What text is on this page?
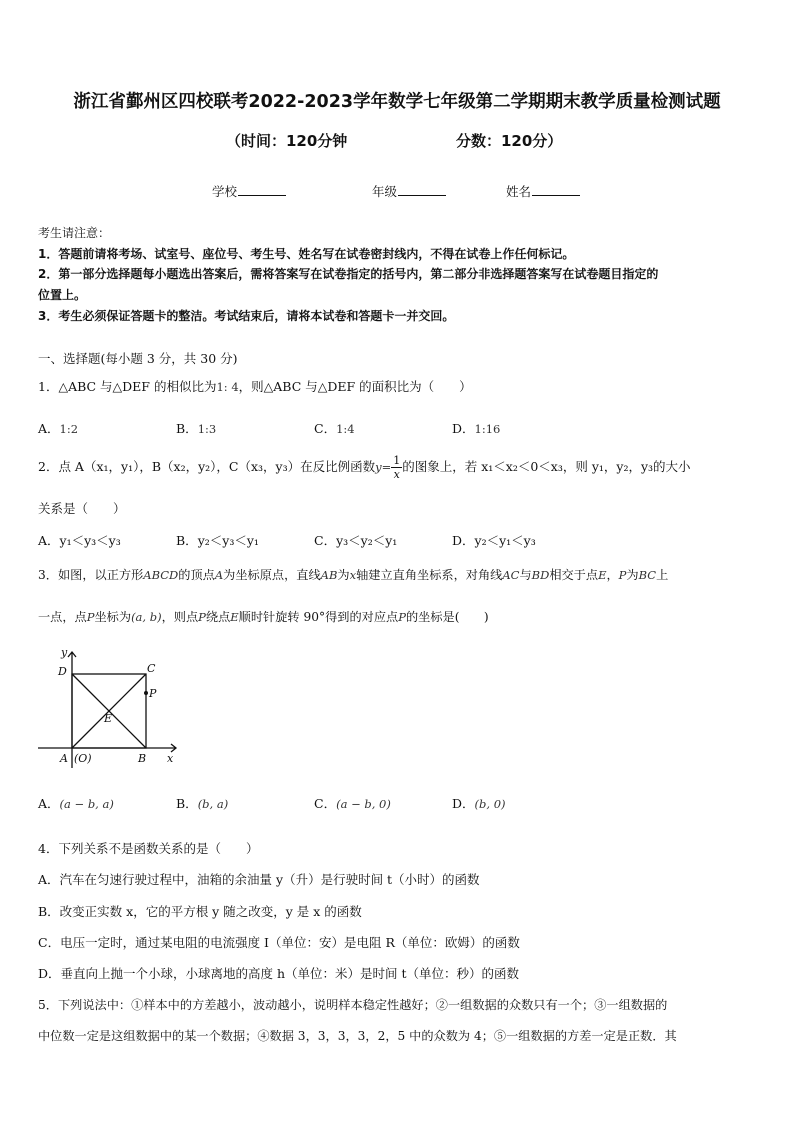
浙江省鄞州区四校联考2022-2023学年数学七年级第二学期期末教学质量检测试题
（时间：120分钟	分数：120分）
学校	年级	姓名
考生请注意：
1．答题前请将考场、试室号、座位号、考生号、姓名写在试卷密封线内，不得在试卷上作任何标记。
2．第一部分选择题每小题选出答案后，需将答案写在试卷指定的括号内，第二部分非选择题答案写在试卷题目指定的
位置上。
3．考生必须保证答题卡的整洁。考试结束后，请将本试卷和答题卡一并交回。
一、选择题(每小题 3 分，共 30 分)
1．△ABC 与△DEF 的相似比为1: 4，则△ABC 与△DEF 的面积比为（　　）
A．1:2	B．1:3	C．1:4	D．1:16
2．点 A（x₁，y₁），B（x₂，y₂），C（x₃，y₃）在反比例函数$y= \frac{1}{x}$ 的图象上，若 x₁＜x₂＜0＜x₃，则 y₁，y₂，y₃的大小
关系是（　　）
A．y₁＜y₃＜y₃	B．y₂＜y₃＜y₁	C．y₃＜y₂＜y₁	D．y₂＜y₁＜y₃
3．如图，以正方形ABCD的顶点A为坐标原点，直线AB为x轴建立直角坐标系，对角线AC与BD相交于点E，P为BC上
一点，点P坐标为(a, b)，则点P绕点E顺时针旋转 90°得到的对应点P的坐标是(　　)
D	C
P
E
A (O)	B x
y
A．(a − b, a)	B．(b, a)	C．(a − b, 0)	D．(b, 0)
4．下列关系不是函数关系的是（　　）
A．汽车在匀速行驶过程中，油箱的余油量 y（升）是行驶时间 t（小时）的函数
B．改变正实数 x，它的平方根 y 随之改变，y 是 x 的函数
C．电压一定时，通过某电阻的电流强度 I（单位：安）是电阻 R（单位：欧姆）的函数
D．垂直向上抛一个小球，小球离地的高度 h（单位：米）是时间 t（单位：秒）的函数
5．下列说法中：①样本中的方差越小，波动越小，说明样本稳定性越好；②一组数据的众数只有一个；③一组数据的
中位数一定是这组数据中的某一个数据；④数据 3，3，3，3，2，5 中的众数为 4；⑤一组数据的方差一定是正数．其
